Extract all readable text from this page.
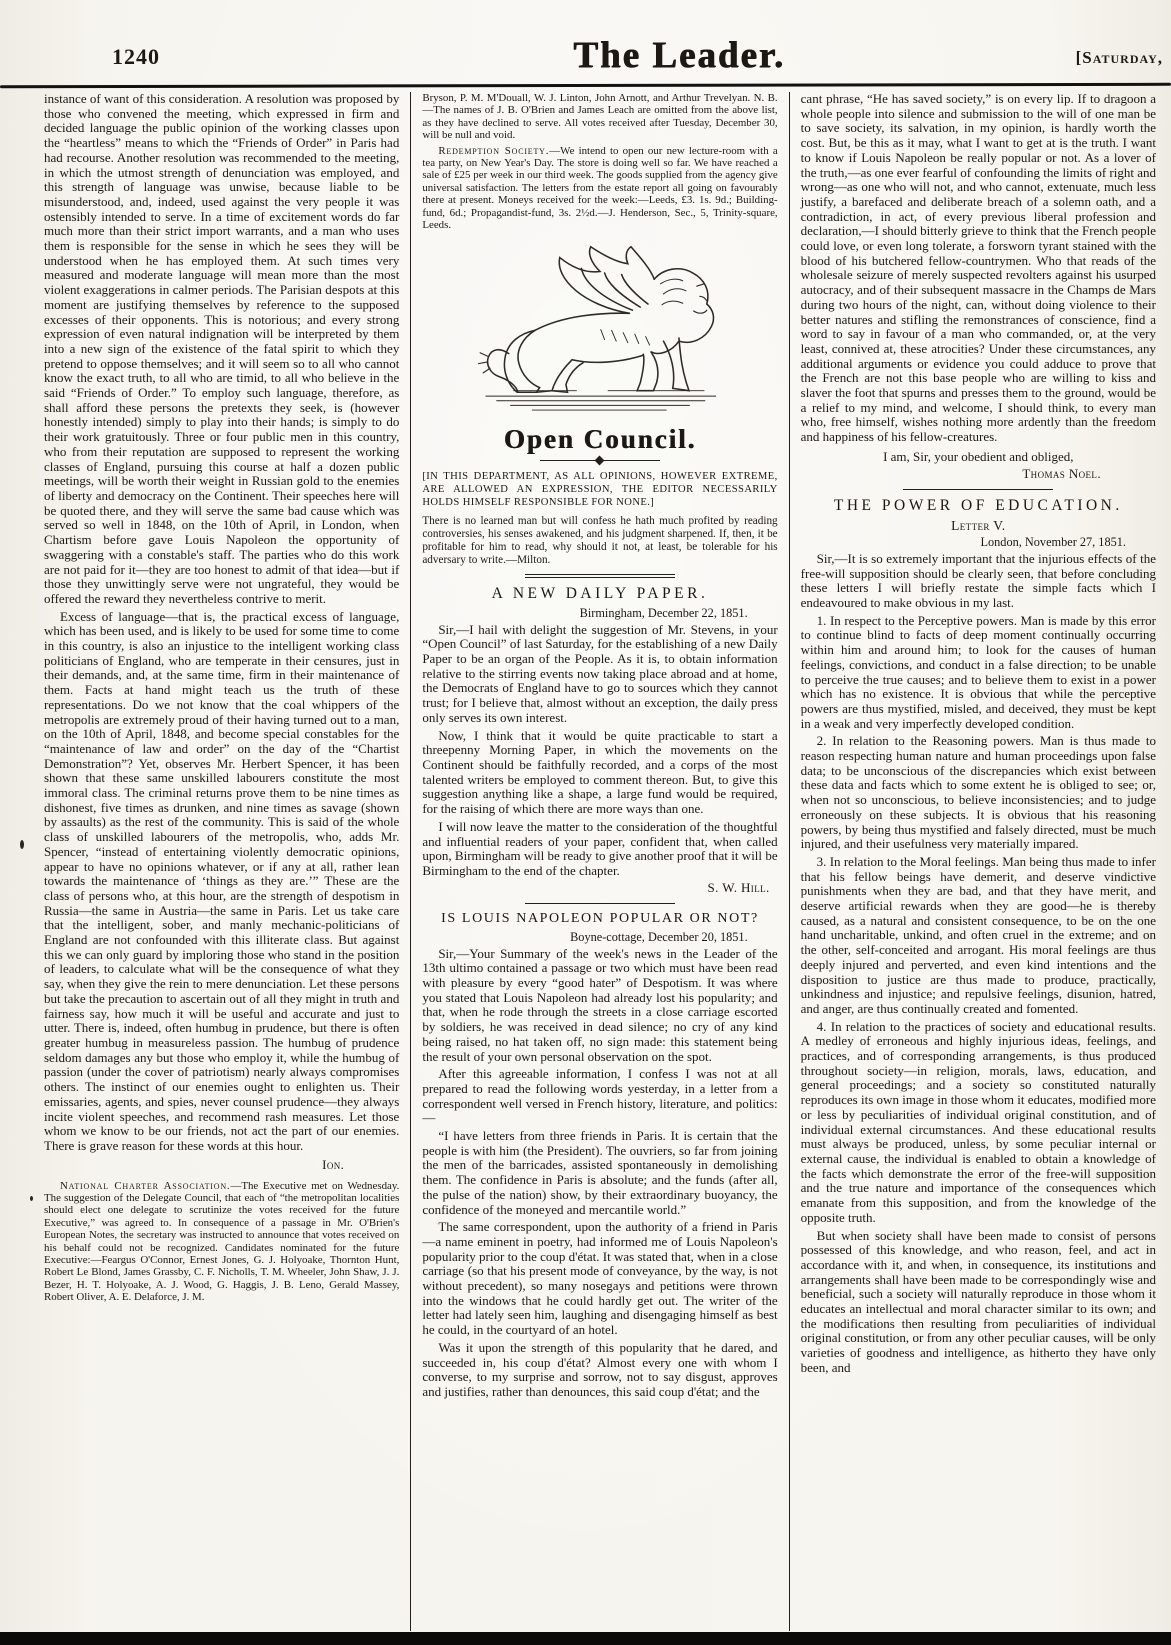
1240	The Leader.	[Saturday,

instance of want of this consideration. A resolution was proposed by those who convened the meeting, which expressed in firm and decided language the public opinion of the working classes upon the “heartless” means to which the “Friends of Order” in Paris had had recourse. Another resolution was recommended to the meeting, in which the utmost strength of denunciation was employed, and this strength of language was unwise, because liable to be misunderstood, and, indeed, used against the very people it was ostensibly intended to serve. In a time of excitement words do far much more than their strict import warrants, and a man who uses them is responsible for the sense in which he sees they will be understood when he has employed them. At such times very measured and moderate language will mean more than the most violent exaggerations in calmer periods. The Parisian despots at this moment are justifying themselves by reference to the supposed excesses of their opponents. This is notorious; and every strong expression of even natural indignation will be interpreted by them into a new sign of the existence of the fatal spirit to which they pretend to oppose themselves; and it will seem so to all who cannot know the exact truth, to all who are timid, to all who believe in the said “Friends of Order.” To employ such language, therefore, as shall afford these persons the pretexts they seek, is (however honestly intended) simply to play into their hands; is simply to do their work gratuitously. Three or four public men in this country, who from their reputation are supposed to represent the working classes of England, pursuing this course at half a dozen public meetings, will be worth their weight in Russian gold to the enemies of liberty and democracy on the Continent. Their speeches here will be quoted there, and they will serve the same bad cause which was served so well in 1848, on the 10th of April, in London, when Chartism before gave Louis Napoleon the opportunity of swaggering with a constable's staff. The parties who do this work are not paid for it—they are too honest to admit of that idea—but if those they unwittingly serve were not ungrateful, they would be offered the reward they nevertheless contrive to merit.

Excess of language—that is, the practical excess of language, which has been used, and is likely to be used for some time to come in this country, is also an injustice to the intelligent working class politicians of England, who are temperate in their censures, just in their demands, and, at the same time, firm in their maintenance of them. Facts at hand might teach us the truth of these representations. Do we not know that the coal whippers of the metropolis are extremely proud of their having turned out to a man, on the 10th of April, 1848, and become special constables for the “maintenance of law and order” on the day of the “Chartist Demonstration”? Yet, observes Mr. Herbert Spencer, it has been shown that these same unskilled labourers constitute the most immoral class. The criminal returns prove them to be nine times as dishonest, five times as drunken, and nine times as savage (shown by assaults) as the rest of the community. This is said of the whole class of unskilled labourers of the metropolis, who, adds Mr. Spencer, “instead of entertaining violently democratic opinions, appear to have no opinions whatever, or if any at all, rather lean towards the maintenance of ‘things as they are.’” These are the class of persons who, at this hour, are the strength of despotism in Russia—the same in Austria—the same in Paris. Let us take care that the intelligent, sober, and manly mechanic-politicians of England are not confounded with this illiterate class. But against this we can only guard by imploring those who stand in the position of leaders, to calculate what will be the consequence of what they say, when they give the rein to mere denunciation. Let these persons but take the precaution to ascertain out of all they might in truth and fairness say, how much it will be useful and accurate and just to utter. There is, indeed, often humbug in prudence, but there is often greater humbug in measureless passion. The humbug of prudence seldom damages any but those who employ it, while the humbug of passion (under the cover of patriotism) nearly always compromises others. The instinct of our enemies ought to enlighten us. Their emissaries, agents, and spies, never counsel prudence—they always incite violent speeches, and recommend rash measures. Let those whom we know to be our friends, not act the part of our enemies. There is grave reason for these words at this hour.

Ion.

National Charter Association.—The Executive met on Wednesday. The suggestion of the Delegate Council, that each of “the metropolitan localities should elect one delegate to scrutinize the votes received for the future Executive,” was agreed to. In consequence of a passage in Mr. O'Brien's European Notes, the secretary was instructed to announce that votes received on his behalf could not be recognized. Candidates nominated for the future Executive:—Feargus O'Connor, Ernest Jones, G. J. Holyoake, Thornton Hunt, Robert Le Blond, James Grassby, C. F. Nicholls, T. M. Wheeler, John Shaw, J. J. Bezer, H. T. Holyoake, A. J. Wood, G. Haggis, J. B. Leno, Gerald Massey, Robert Oliver, A. E. Delaforce, J. M.

Bryson, P. M. M'Douall, W. J. Linton, John Arnott, and Arthur Trevelyan. N. B.—The names of J. B. O'Brien and James Leach are omitted from the above list, as they have declined to serve. All votes received after Tuesday, December 30, will be null and void.

Redemption Society.—We intend to open our new lecture-room with a tea party, on New Year's Day. The store is doing well so far. We have reached a sale of £25 per week in our third week. The goods supplied from the agency give universal satisfaction. The letters from the estate report all going on favourably there at present. Moneys received for the week:—Leeds, £3. 1s. 9d.; Building-fund, 6d.; Propagandist-fund, 3s. 2½d.—J. Henderson, Sec., 5, Trinity-square, Leeds.

Open Council.

[IN THIS DEPARTMENT, AS ALL OPINIONS, HOWEVER EXTREME, ARE ALLOWED AN EXPRESSION, THE EDITOR NECESSARILY HOLDS HIMSELF RESPONSIBLE FOR NONE.]

There is no learned man but will confess he hath much profited by reading controversies, his senses awakened, and his judgment sharpened. If, then, it be profitable for him to read, why should it not, at least, be tolerable for his adversary to write.—Milton.

A NEW DAILY PAPER.
Birmingham, December 22, 1851.

Sir,—I hail with delight the suggestion of Mr. Stevens, in your “Open Council” of last Saturday, for the establishing of a new Daily Paper to be an organ of the People. As it is, to obtain information relative to the stirring events now taking place abroad and at home, the Democrats of England have to go to sources which they cannot trust; for I believe that, almost without an exception, the daily press only serves its own interest.

Now, I think that it would be quite practicable to start a threepenny Morning Paper, in which the movements on the Continent should be faithfully recorded, and a corps of the most talented writers be employed to comment thereon. But, to give this suggestion anything like a shape, a large fund would be required, for the raising of which there are more ways than one.

I will now leave the matter to the consideration of the thoughtful and influential readers of your paper, confident that, when called upon, Birmingham will be ready to give another proof that it will be Birmingham to the end of the chapter.

S. W. Hill.
IS LOUIS NAPOLEON POPULAR OR NOT?
Boyne-cottage, December 20, 1851.

Sir,—Your Summary of the week's news in the Leader of the 13th ultimo contained a passage or two which must have been read with pleasure by every “good hater” of Despotism. It was where you stated that Louis Napoleon had already lost his popularity; and that, when he rode through the streets in a close carriage escorted by soldiers, he was received in dead silence; no cry of any kind being raised, no hat taken off, no sign made: this statement being the result of your own personal observation on the spot.

After this agreeable information, I confess I was not at all prepared to read the following words yesterday, in a letter from a correspondent well versed in French history, literature, and politics:—

“I have letters from three friends in Paris. It is certain that the people is with him (the President). The ouvriers, so far from joining the men of the barricades, assisted spontaneously in demolishing them. The confidence in Paris is absolute; and the funds (after all, the pulse of the nation) show, by their extraordinary buoyancy, the confidence of the moneyed and mercantile world.”

The same correspondent, upon the authority of a friend in Paris—a name eminent in poetry, had informed me of Louis Napoleon's popularity prior to the coup d'état. It was stated that, when in a close carriage (so that his present mode of conveyance, by the way, is not without precedent), so many nosegays and petitions were thrown into the windows that he could hardly get out. The writer of the letter had lately seen him, laughing and disengaging himself as best he could, in the courtyard of an hotel.

Was it upon the strength of this popularity that he dared, and succeeded in, his coup d'état? Almost every one with whom I converse, to my surprise and sorrow, not to say disgust, approves and justifies, rather than denounces, this said coup d'état; and the

cant phrase, “He has saved society,” is on every lip. If to dragoon a whole people into silence and submission to the will of one man be to save society, its salvation, in my opinion, is hardly worth the cost. But, be this as it may, what I want to get at is the truth. I want to know if Louis Napoleon be really popular or not. As a lover of the truth,—as one ever fearful of confounding the limits of right and wrong—as one who will not, and who cannot, extenuate, much less justify, a barefaced and deliberate breach of a solemn oath, and a contradiction, in act, of every previous liberal profession and declaration,—I should bitterly grieve to think that the French people could love, or even long tolerate, a forsworn tyrant stained with the blood of his butchered fellow-countrymen. Who that reads of the wholesale seizure of merely suspected revolters against his usurped autocracy, and of their subsequent massacre in the Champs de Mars during two hours of the night, can, without doing violence to their better natures and stifling the remonstrances of conscience, find a word to say in favour of a man who commanded, or, at the very least, connived at, these atrocities? Under these circumstances, any additional arguments or evidence you could adduce to prove that the French are not this base people who are willing to kiss and slaver the foot that spurns and presses them to the ground, would be a relief to my mind, and welcome, I should think, to every man who, free himself, wishes nothing more ardently than the freedom and happiness of his fellow-creatures.

I am, Sir, your obedient and obliged,
Thomas Noel.
THE POWER OF EDUCATION.
Letter V.
London, November 27, 1851.

Sir,—It is so extremely important that the injurious effects of the free-will supposition should be clearly seen, that before concluding these letters I will briefly restate the simple facts which I endeavoured to make obvious in my last.

1. In respect to the Perceptive powers. Man is made by this error to continue blind to facts of deep moment continually occurring within him and around him; to look for the causes of human feelings, convictions, and conduct in a false direction; to be unable to perceive the true causes; and to believe them to exist in a power which has no existence. It is obvious that while the perceptive powers are thus mystified, misled, and deceived, they must be kept in a weak and very imperfectly developed condition.

2. In relation to the Reasoning powers. Man is thus made to reason respecting human nature and human proceedings upon false data; to be unconscious of the discrepancies which exist between these data and facts which to some extent he is obliged to see; or, when not so unconscious, to believe inconsistencies; and to judge erroneously on these subjects. It is obvious that his reasoning powers, by being thus mystified and falsely directed, must be much injured, and their usefulness very materially impared.

3. In relation to the Moral feelings. Man being thus made to infer that his fellow beings have demerit, and deserve vindictive punishments when they are bad, and that they have merit, and deserve artificial rewards when they are good—he is thereby caused, as a natural and consistent consequence, to be on the one hand uncharitable, unkind, and often cruel in the extreme; and on the other, self-conceited and arrogant. His moral feelings are thus deeply injured and perverted, and even kind intentions and the disposition to justice are thus made to produce, practically, unkindness and injustice; and repulsive feelings, disunion, hatred, and anger, are thus continually created and fomented.

4. In relation to the practices of society and educational results. A medley of erroneous and highly injurious ideas, feelings, and practices, and of corresponding arrangements, is thus produced throughout society—in religion, morals, laws, education, and general proceedings; and a society so constituted naturally reproduces its own image in those whom it educates, modified more or less by peculiarities of individual original constitution, and of individual external circumstances. And these educational results must always be produced, unless, by some peculiar internal or external cause, the individual is enabled to obtain a knowledge of the facts which demonstrate the error of the free-will supposition and the true nature and importance of the consequences which emanate from this supposition, and from the knowledge of the opposite truth.

But when society shall have been made to consist of persons possessed of this knowledge, and who reason, feel, and act in accordance with it, and when, in consequence, its institutions and arrangements shall have been made to be correspondingly wise and beneficial, such a society will naturally reproduce in those whom it educates an intellectual and moral character similar to its own; and the modifications then resulting from peculiarities of individual original constitution, or from any other peculiar causes, will be only varieties of goodness and intelligence, as hitherto they have only been, and
